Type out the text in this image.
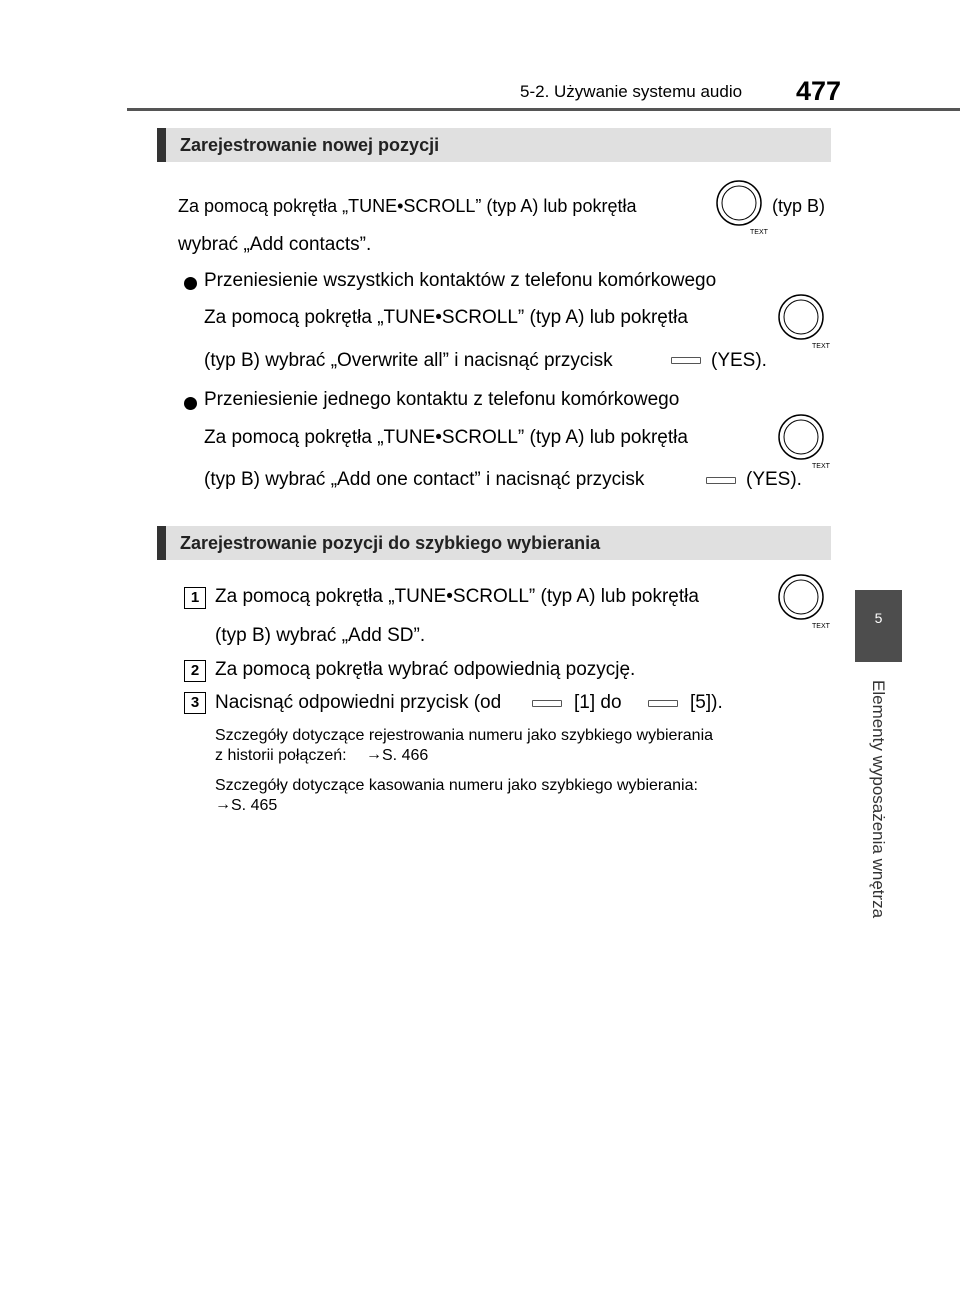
5-2. Używanie systemu audio 477
5
Elementy wyposażenia wnętrza
Zarejestrowanie nowej pozycji
Za pomocą pokrętła „TUNE•SCROLL” (typ A) lub pokrętła
TEXT
(typ B)
wybrać „Add contacts”.
Przeniesienie wszystkich kontaktów z telefonu komórkowego
Za pomocą pokrętła „TUNE•SCROLL” (typ A) lub pokrętła
TEXT
(typ B) wybrać „Overwrite all” i nacisnąć przycisk	(YES).
Przeniesienie jednego kontaktu z telefonu komórkowego
Za pomocą pokrętła „TUNE•SCROLL” (typ A) lub pokrętła
TEXT
(typ B) wybrać „Add one contact” i nacisnąć przycisk	(YES).
Zarejestrowanie pozycji do szybkiego wybierania
1 Za pomocą pokrętła „TUNE•SCROLL” (typ A) lub pokrętła
TEXT
(typ B) wybrać „Add SD”.
2 Za pomocą pokrętła wybrać odpowiednią pozycję.
3 Nacisnąć odpowiedni przycisk (od	[1] do	[5]).
Szczegóły dotyczące rejestrowania numeru jako szybkiego wybierania
z historii połączeń: → S. 466
Szczegóły dotyczące kasowania numeru jako szybkiego wybierania:
→ S. 465
